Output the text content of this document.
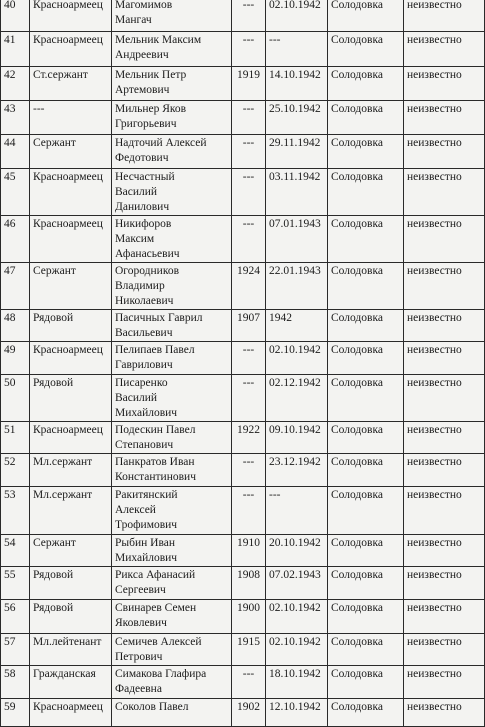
40	Красноармеец	Магомимов
Мангач	---	02.10.1942	Солодовка	неизвестно
41	Красноармеец	Мельник Максим
Андреевич	---	---	Солодовка	неизвестно
42	Ст.сержант	Мельник Петр
Артемович	1919	14.10.1942	Солодовка	неизвестно
43	---	Мильнер Яков
Григорьевич	---	25.10.1942	Солодовка	неизвестно
44	Сержант	Надточий Алексей
Федотович	---	29.11.1942	Солодовка	неизвестно
45	Красноармеец	Несчастный
Василий
Данилович	---	03.11.1942	Солодовка	неизвестно
46	Красноармеец	Никифоров
Максим
Афанасьевич	---	07.01.1943	Солодовка	неизвестно
47	Сержант	Огородников
Владимир
Николаевич	1924	22.01.1943	Солодовка	неизвестно
48	Рядовой	Пасичных Гаврил
Васильевич	1907	1942	Солодовка	неизвестно
49	Красноармеец	Пелипаев Павел
Гаврилович	---	02.10.1942	Солодовка	неизвестно
50	Рядовой	Писаренко
Василий
Михайлович	---	02.12.1942	Солодовка	неизвестно
51	Красноармеец	Подескин Павел
Степанович	1922	09.10.1942	Солодовка	неизвестно
52	Мл.сержант	Панкратов Иван
Константинович	---	23.12.1942	Солодовка	неизвестно
53	Мл.сержант	Ракитянский
Алексей
Трофимович	---	---	Солодовка	неизвестно
54	Сержант	Рыбин Иван
Михайлович	1910	20.10.1942	Солодовка	неизвестно
55	Рядовой	Рикса Афанасий
Сергеевич	1908	07.02.1943	Солодовка	неизвестно
56	Рядовой	Свинарев Семен
Яковлевич	1900	02.10.1942	Солодовка	неизвестно
57	Мл.лейтенант	Семичев Алексей
Петрович	1915	02.10.1942	Солодовка	неизвестно
58	Гражданская	Симакова Глафира
Фадеевна	---	18.10.1942	Солодовка	неизвестно
59	Красноармеец	Соколов Павел	1902	12.10.1942	Солодовка	неизвестно
